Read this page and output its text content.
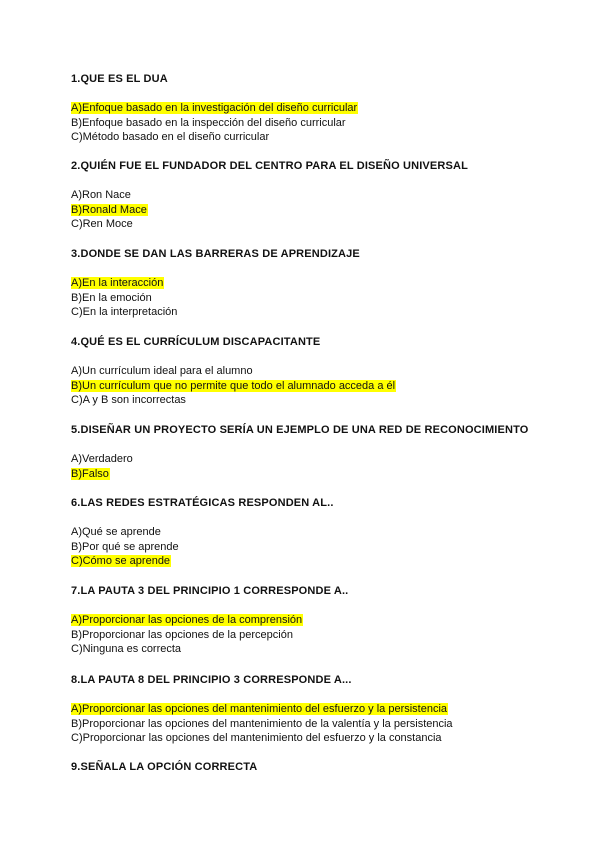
1.QUE ES EL DUA

A)Enfoque basado en la investigación del diseño curricular

B)Enfoque basado en la inspección del diseño curricular

C)Método basado en el diseño curricular

2.QUIÉN FUE EL FUNDADOR DEL CENTRO PARA EL DISEÑO UNIVERSAL

A)Ron Nace

B)Ronald Mace

C)Ren Moce

3.DONDE SE DAN LAS BARRERAS DE APRENDIZAJE

A)En la interacción

B)En la emoción

C)En la interpretación

4.QUÉ ES EL CURRÍCULUM DISCAPACITANTE

A)Un currículum ideal para el alumno

B)Un currículum que no permite que todo el alumnado acceda a él

C)A y B son incorrectas

5.DISEÑAR UN PROYECTO SERÍA UN EJEMPLO DE UNA RED DE RECONOCIMIENTO

A)Verdadero

B)Falso

6.LAS REDES ESTRATÉGICAS RESPONDEN AL..

A)Qué se aprende

B)Por qué se aprende

C)Cómo se aprende

7.LA PAUTA 3 DEL PRINCIPIO 1 CORRESPONDE A..

A)Proporcionar las opciones de la comprensión

B)Proporcionar las opciones de la percepción

C)Ninguna es correcta

8.LA PAUTA 8 DEL PRINCIPIO 3 CORRESPONDE A...

A)Proporcionar las opciones del mantenimiento del esfuerzo y la persistencia

B)Proporcionar las opciones del mantenimiento de la valentía y la persistencia

C)Proporcionar las opciones del mantenimiento del esfuerzo y la constancia

9.SEÑALA LA OPCIÓN CORRECTA
